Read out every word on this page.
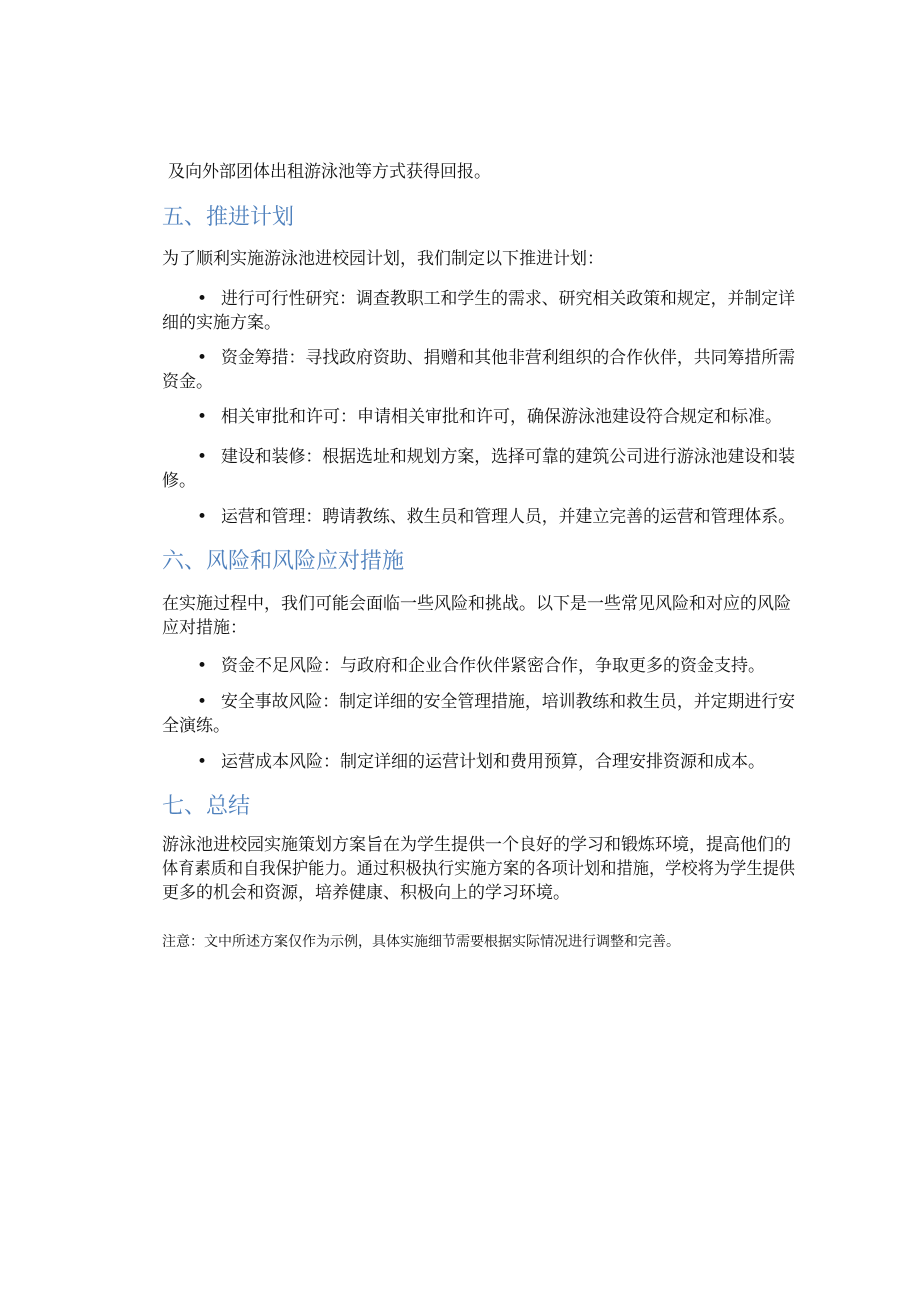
及向外部团体出租游泳池等方式获得回报。

五、推进计划

为了顺利实施游泳池进校园计划，我们制定以下推进计划：

• 进行可行性研究：调查教职工和学生的需求、研究相关政策和规定，并制定详

细的实施方案。

• 资金筹措：寻找政府资助、捐赠和其他非营利组织的合作伙伴，共同筹措所需

资金。

• 相关审批和许可：申请相关审批和许可，确保游泳池建设符合规定和标准。

• 建设和装修：根据选址和规划方案，选择可靠的建筑公司进行游泳池建设和装

修。

• 运营和管理：聘请教练、救生员和管理人员，并建立完善的运营和管理体系。

六、风险和风险应对措施

在实施过程中，我们可能会面临一些风险和挑战。以下是一些常见风险和对应的风险

应对措施：

• 资金不足风险：与政府和企业合作伙伴紧密合作，争取更多的资金支持。

• 安全事故风险：制定详细的安全管理措施，培训教练和救生员，并定期进行安

全演练。

• 运营成本风险：制定详细的运营计划和费用预算，合理安排资源和成本。

七、总结

游泳池进校园实施策划方案旨在为学生提供一个良好的学习和锻炼环境，提高他们的

体育素质和自我保护能力。通过积极执行实施方案的各项计划和措施，学校将为学生提供

更多的机会和资源，培养健康、积极向上的学习环境。

注意：文中所述方案仅作为示例，具体实施细节需要根据实际情况进行调整和完善。
